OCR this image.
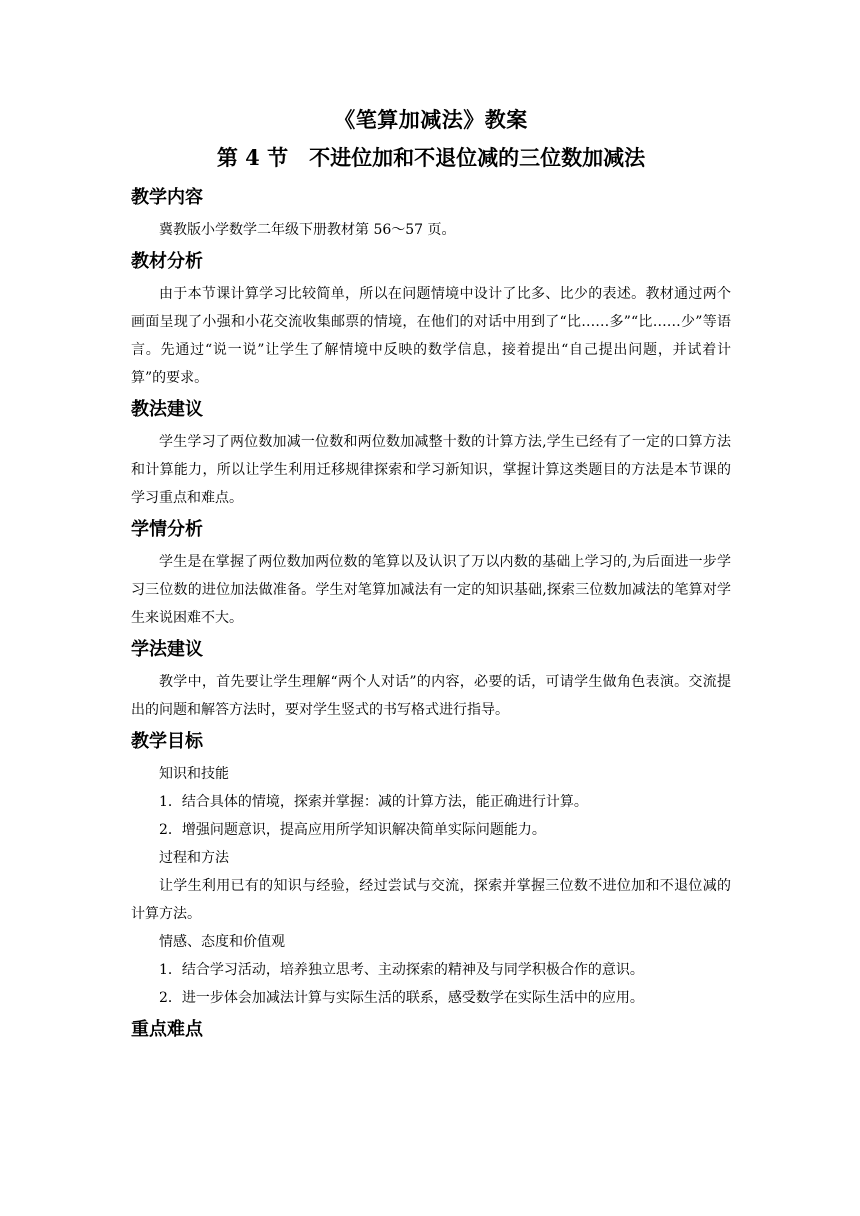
《笔算加减法》教案
第 4 节　不进位加和不退位减的三位数加减法
教学内容

冀教版小学数学二年级下册教材第 56～57 页。

教材分析

由于本节课计算学习比较简单，所以在问题情境中设计了比多、比少的表述。教材通过两个画面呈现了小强和小花交流收集邮票的情境，在他们的对话中用到了“比……多”“比……少”等语言。先通过“说一说”让学生了解情境中反映的数学信息，接着提出“自己提出问题，并试着计算”的要求。

教法建议

学生学习了两位数加减一位数和两位数加减整十数的计算方法,学生已经有了一定的口算方法和计算能力，所以让学生利用迁移规律探索和学习新知识，掌握计算这类题目的方法是本节课的学习重点和难点。

学情分析

学生是在掌握了两位数加两位数的笔算以及认识了万以内数的基础上学习的,为后面进一步学习三位数的进位加法做准备。学生对笔算加减法有一定的知识基础,探索三位数加减法的笔算对学生来说困难不大。

学法建议

教学中，首先要让学生理解“两个人对话”的内容，必要的话，可请学生做角色表演。交流提出的问题和解答方法时，要对学生竖式的书写格式进行指导。

教学目标

知识和技能

1．结合具体的情境，探索并掌握：减的计算方法，能正确进行计算。

2．增强问题意识，提高应用所学知识解决简单实际问题能力。

过程和方法

让学生利用已有的知识与经验，经过尝试与交流，探索并掌握三位数不进位加和不退位减的计算方法。

情感、态度和价值观

1．结合学习活动，培养独立思考、主动探索的精神及与同学积极合作的意识。

2．进一步体会加减法计算与实际生活的联系，感受数学在实际生活中的应用。

重点难点
